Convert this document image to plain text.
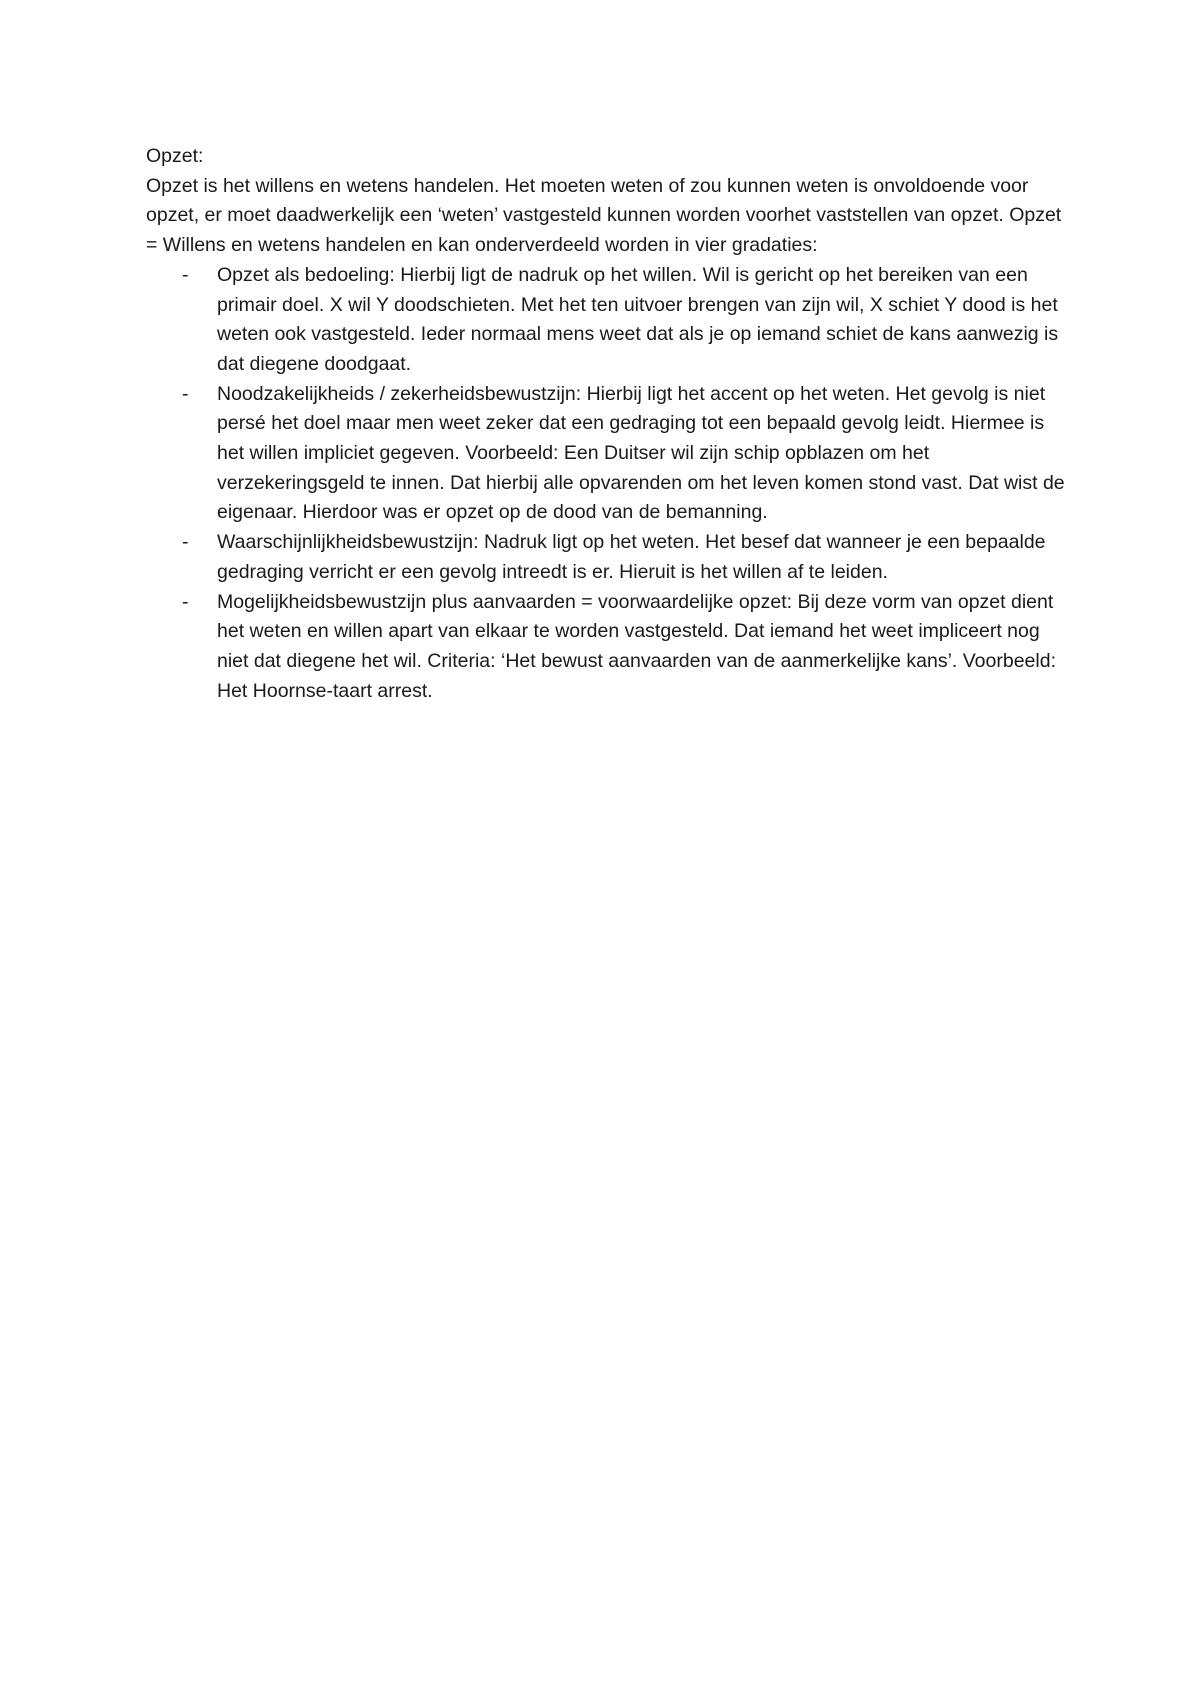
Opzet:

Opzet is het willens en wetens handelen. Het moeten weten of zou kunnen weten is onvoldoende voor opzet, er moet daadwerkelijk een ‘weten’ vastgesteld kunnen worden voorhet vaststellen van opzet. Opzet = Willens en wetens handelen en kan onderverdeeld worden in vier gradaties:

- Opzet als bedoeling: Hierbij ligt de nadruk op het willen. Wil is gericht op het bereiken van een primair doel. X wil Y doodschieten. Met het ten uitvoer brengen van zijn wil, X schiet Y dood is het weten ook vastgesteld. Ieder normaal mens weet dat als je op iemand schiet de kans aanwezig is dat diegene doodgaat.
- Noodzakelijkheids / zekerheidsbewustzijn: Hierbij ligt het accent op het weten. Het gevolg is niet persé het doel maar men weet zeker dat een gedraging tot een bepaald gevolg leidt. Hiermee is het willen impliciet gegeven. Voorbeeld: Een Duitser wil zijn schip opblazen om het verzekeringsgeld te innen. Dat hierbij alle opvarenden om het leven komen stond vast. Dat wist de eigenaar. Hierdoor was er opzet op de dood van de bemanning.
- Waarschijnlijkheidsbewustzijn: Nadruk ligt op het weten. Het besef dat wanneer je een bepaalde gedraging verricht er een gevolg intreedt is er. Hieruit is het willen af te leiden.
- Mogelijkheidsbewustzijn plus aanvaarden = voorwaardelijke opzet: Bij deze vorm van opzet dient het weten en willen apart van elkaar te worden vastgesteld. Dat iemand het weet impliceert nog niet dat diegene het wil. Criteria: ‘Het bewust aanvaarden van de aanmerkelijke kans’. Voorbeeld: Het Hoornse-taart arrest.
